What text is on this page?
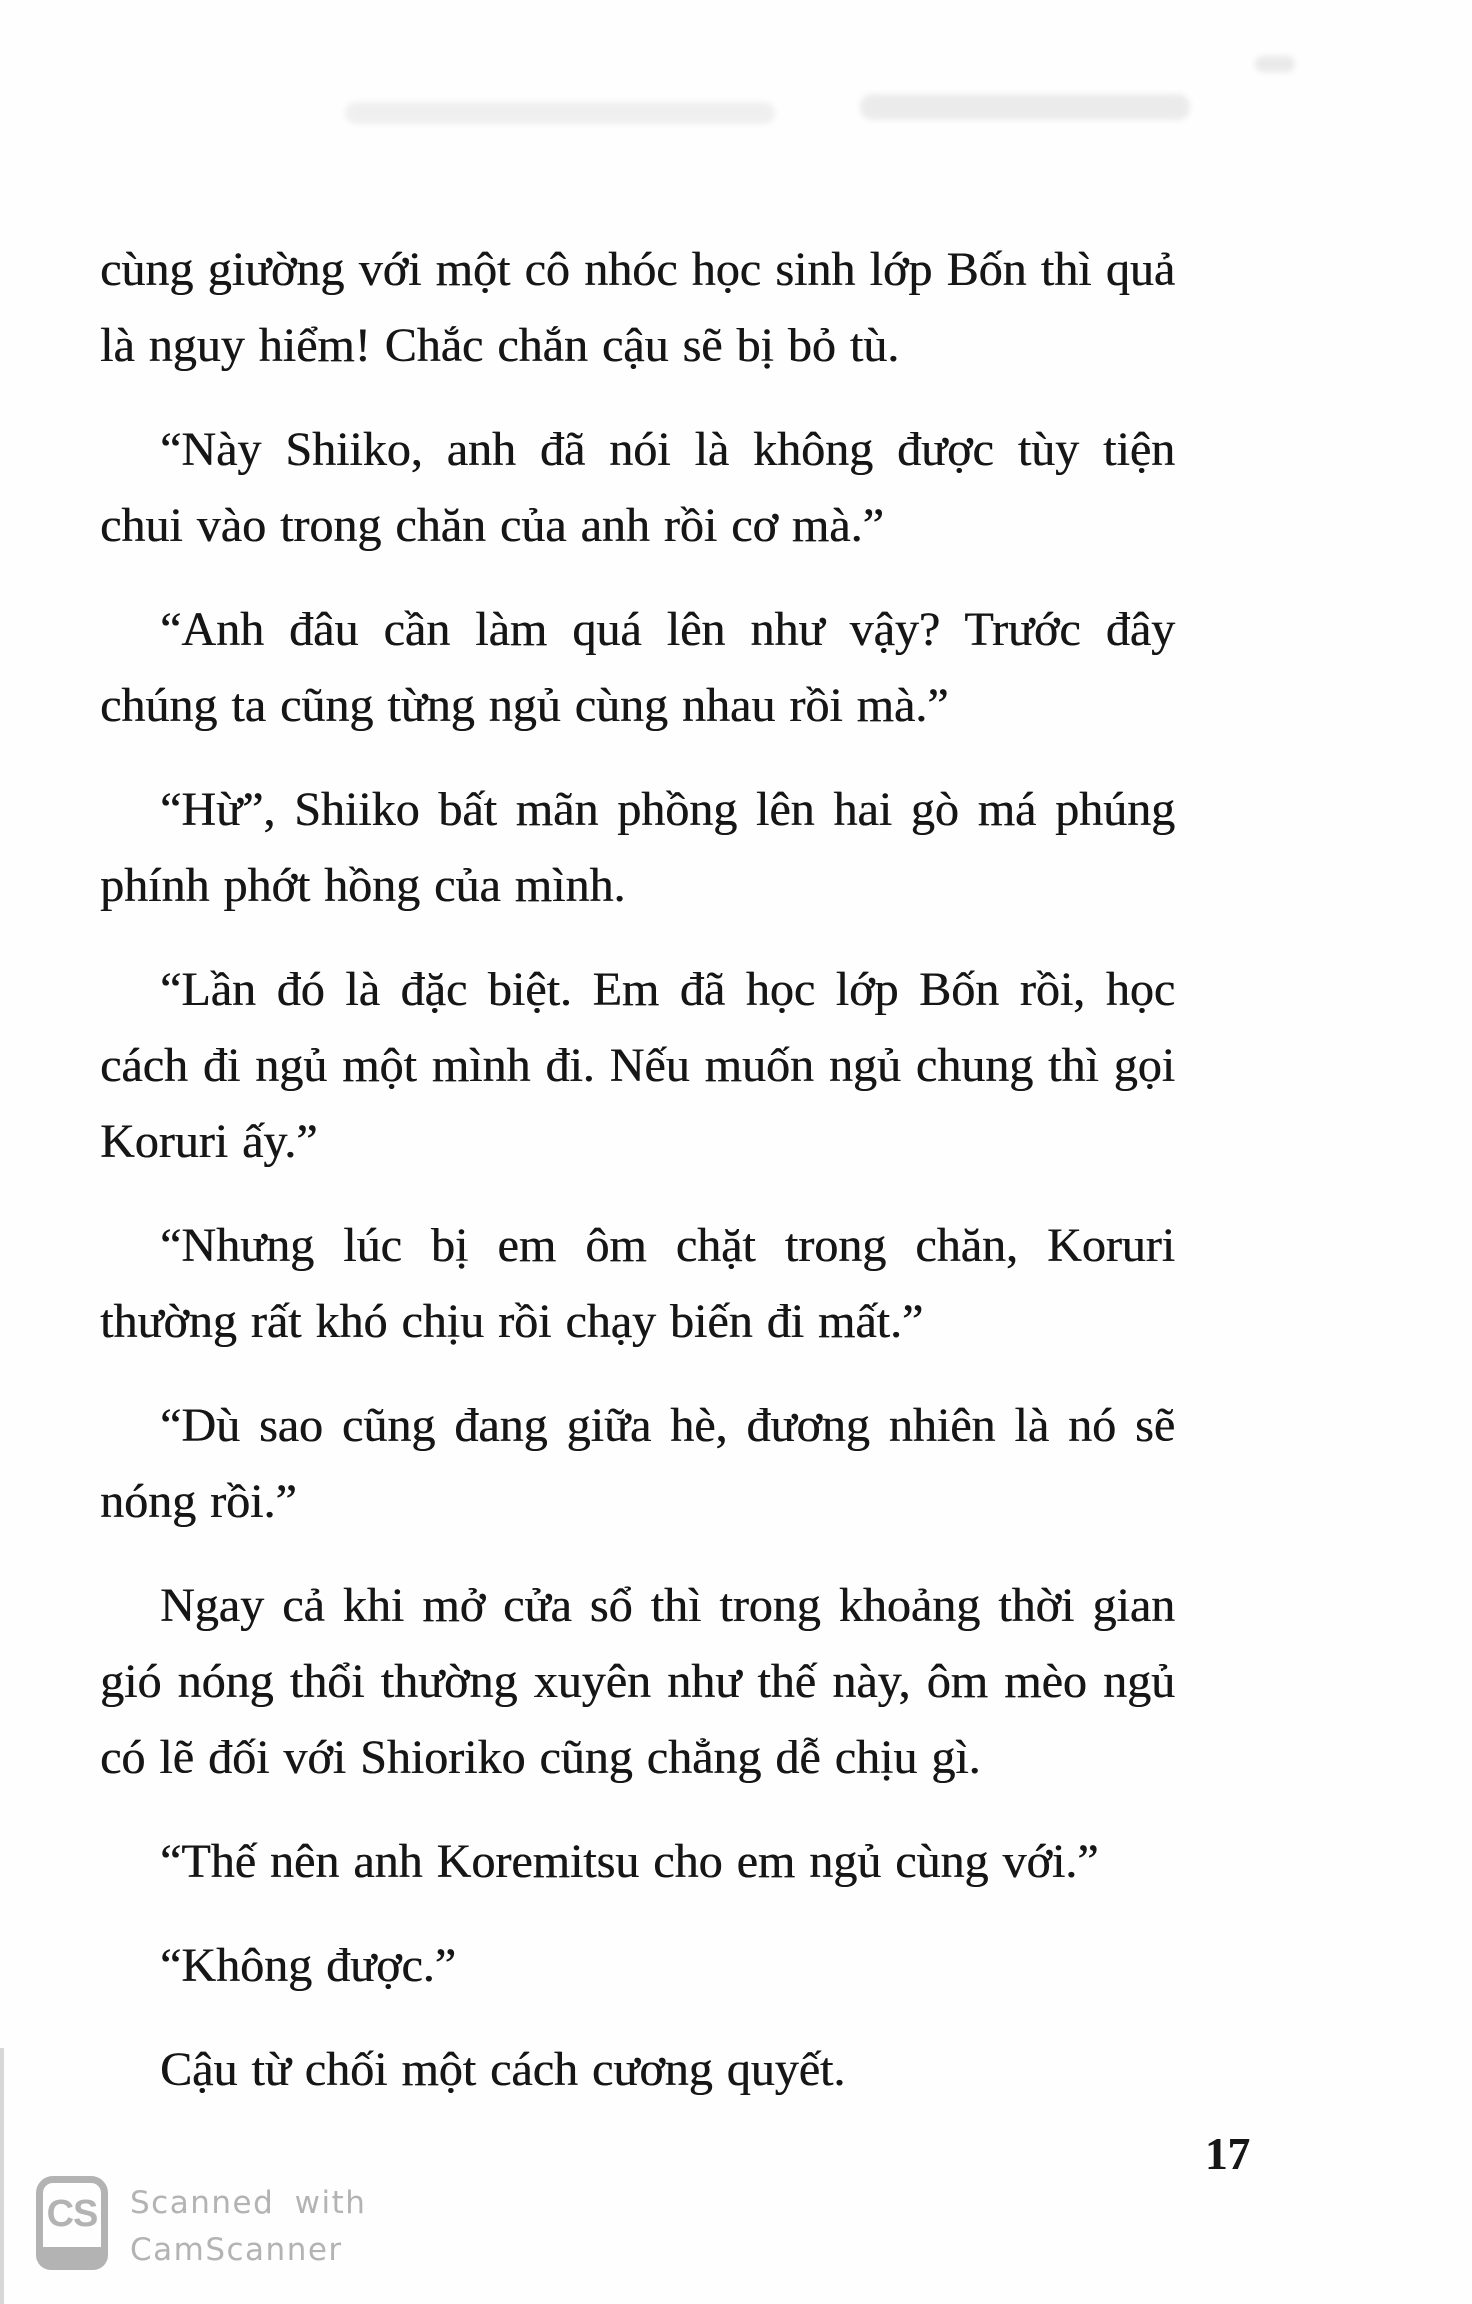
cùng giường với một cô nhóc học sinh lớp Bốn thì quả là nguy hiểm! Chắc chắn cậu sẽ bị bỏ tù.

“Này Shiiko, anh đã nói là không được tùy tiện chui vào trong chăn của anh rồi cơ mà.”

“Anh đâu cần làm quá lên như vậy? Trước đây chúng ta cũng từng ngủ cùng nhau rồi mà.”

“Hừ”, Shiiko bất mãn phồng lên hai gò má phúng phính phớt hồng của mình.

“Lần đó là đặc biệt. Em đã học lớp Bốn rồi, học cách đi ngủ một mình đi. Nếu muốn ngủ chung thì gọi Koruri ấy.”

“Nhưng lúc bị em ôm chặt trong chăn, Koruri thường rất khó chịu rồi chạy biến đi mất.”

“Dù sao cũng đang giữa hè, đương nhiên là nó sẽ nóng rồi.”

Ngay cả khi mở cửa sổ thì trong khoảng thời gian gió nóng thổi thường xuyên như thế này, ôm mèo ngủ có lẽ đối với Shioriko cũng chẳng dễ chịu gì.

“Thế nên anh Koremitsu cho em ngủ cùng với.”

“Không được.”

Cậu từ chối một cách cương quyết.

17
CS	Scanned with
CamScanner
